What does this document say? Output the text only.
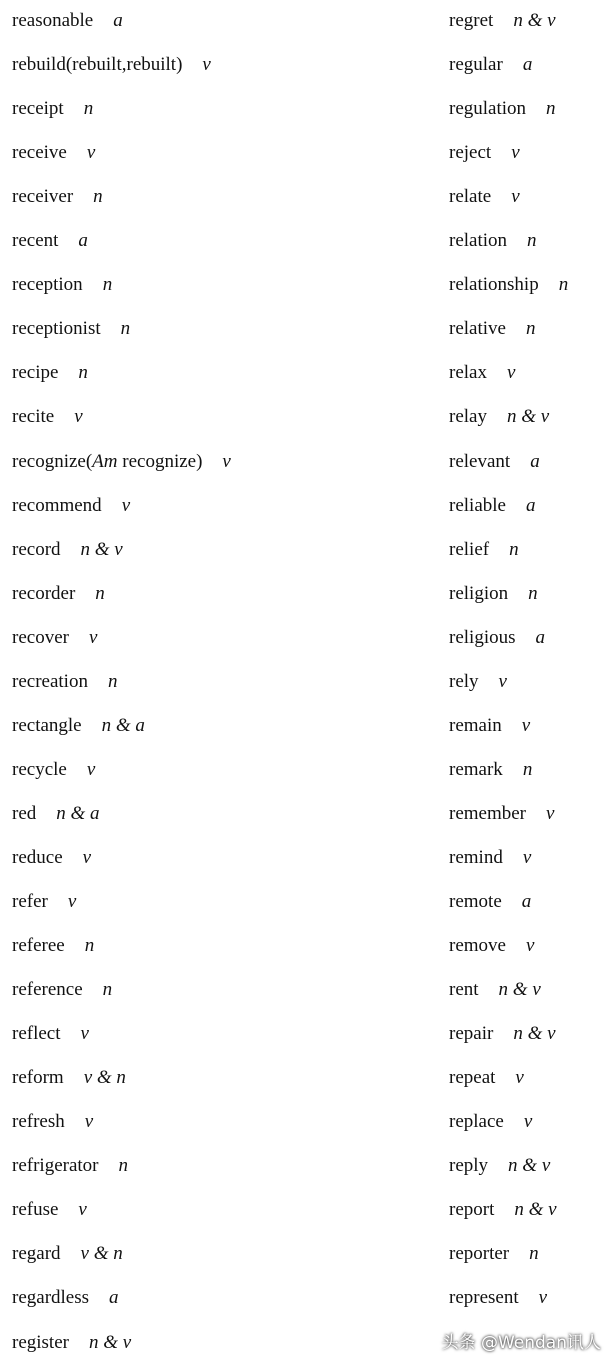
reasonable a
rebuild(rebuilt,rebuilt) v
receipt n
receive v
receiver n
recent a
reception n
receptionist n
recipe n
recite v
recognize(Am recognize) v
recommend v
record n & v
recorder n
recover v
recreation n
rectangle n & a
recycle v
red n & a
reduce v
refer v
referee n
reference n
reflect v
reform v & n
refresh v
refrigerator n
refuse v
regard v & n
regardless a
register n & v
regret n & v
regular a
regulation n
reject v
relate v
relation n
relationship n
relative n
relax v
relay n & v
relevant a
reliable a
relief n
religion n
religious a
rely v
remain v
remark n
remember v
remind v
remote a
remove v
rent n & v
repair n & v
repeat v
replace v
reply n & v
report n & v
reporter n
represent v
头条 @Wendan讯人
